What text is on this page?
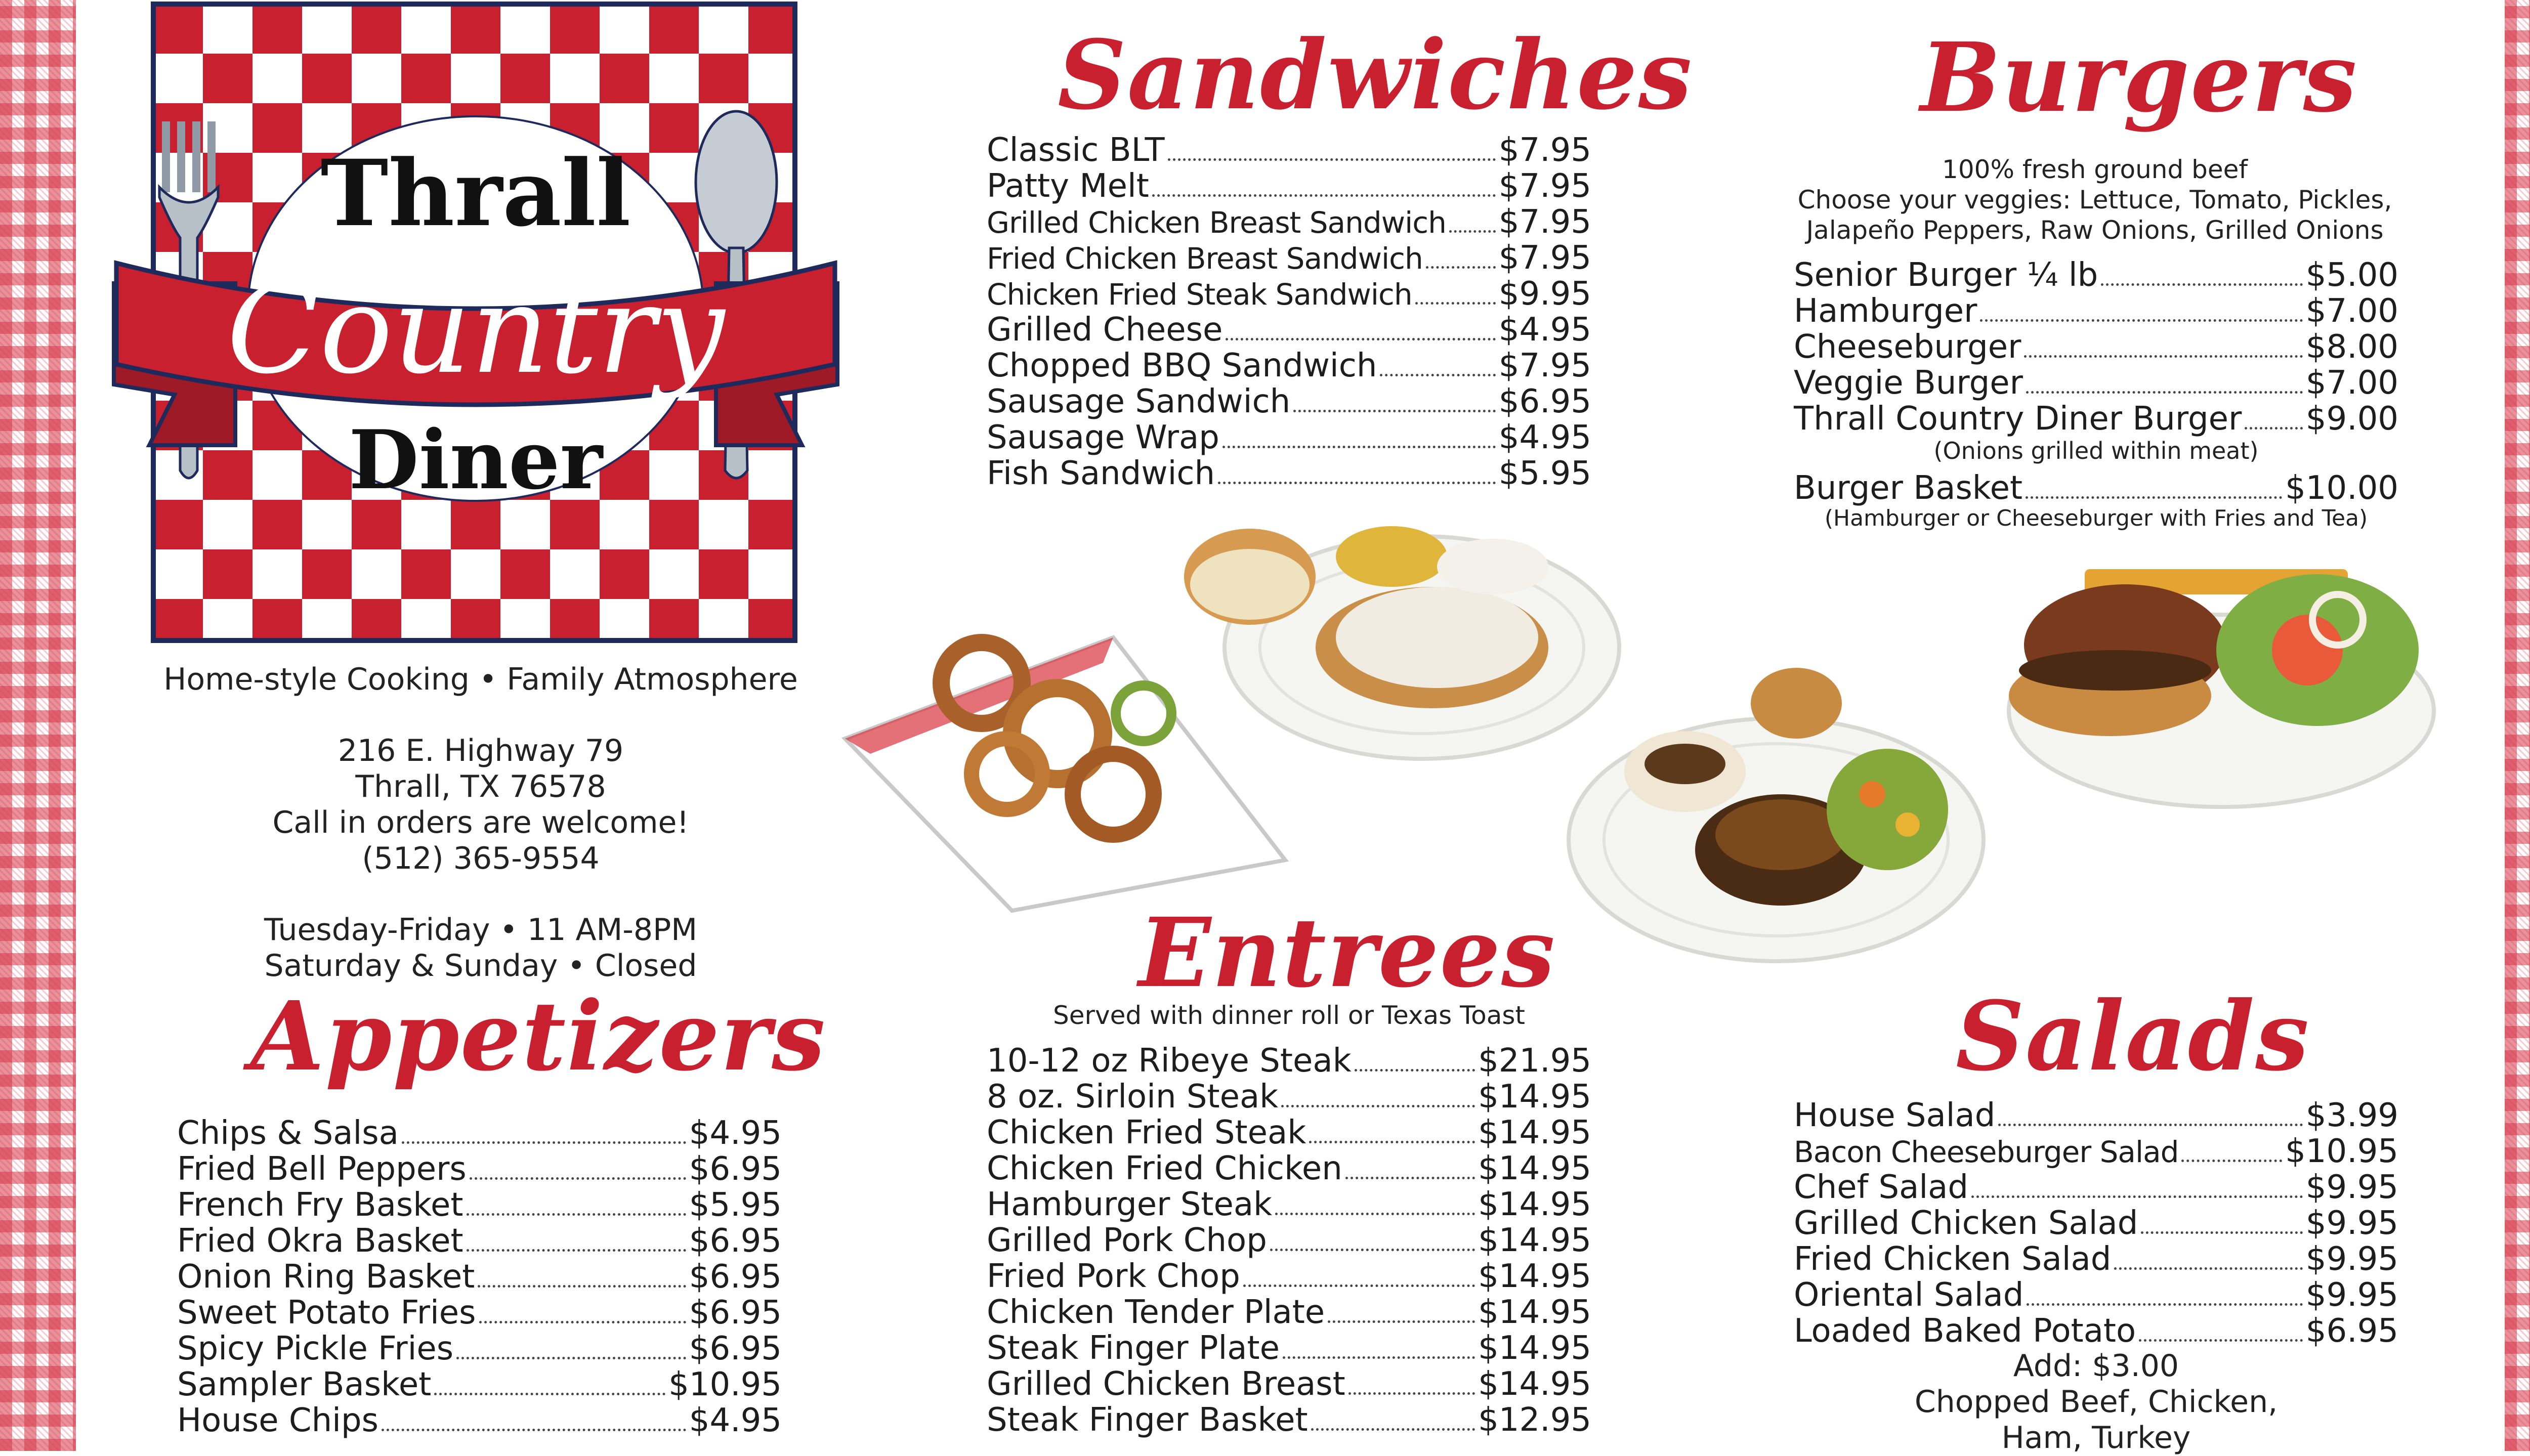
Thrall
Country
Diner
Home-style Cooking • Family Atmosphere
216 E. Highway 79
Thrall, TX 76578
Call in orders are welcome!
(512) 365-9554
Tuesday-Friday • 11 AM-8PM
Saturday & Sunday • Closed
Appetizers
Chips & Salsa	$4.95
Fried Bell Peppers	$6.95
French Fry Basket	$5.95
Fried Okra Basket	$6.95
Onion Ring Basket	$6.95
Sweet Potato Fries	$6.95
Spicy Pickle Fries	$6.95
Sampler Basket	$10.95
House Chips	$4.95
Sandwiches
Classic BLT	$7.95
Patty Melt	$7.95
Grilled Chicken Breast Sandwich $7.95
Fried Chicken Breast Sandwich $7.95
Chicken Fried Steak Sandwich	$9.95
Grilled Cheese	$4.95
Chopped BBQ Sandwich	$7.95
Sausage Sandwich	$6.95
Sausage Wrap	$4.95
Fish Sandwich	$5.95
Entrees
Served with dinner roll or Texas Toast
10-12 oz Ribeye Steak	$21.95
8 oz. Sirloin Steak	$14.95
Chicken Fried Steak	$14.95
Chicken Fried Chicken	$14.95
Hamburger Steak	$14.95
Grilled Pork Chop	$14.95
Fried Pork Chop	$14.95
Chicken Tender Plate	$14.95
Steak Finger Plate	$14.95
Grilled Chicken Breast	$14.95
Steak Finger Basket	$12.95
Burgers
100% fresh ground beef
Choose your veggies: Lettuce, Tomato, Pickles,
Jalapeño Peppers, Raw Onions, Grilled Onions
Senior Burger ¼ lb	$5.00
Hamburger	$7.00
Cheeseburger	$8.00
Veggie Burger	$7.00
Thrall Country Diner Burger $9.00
(Onions grilled within meat)
Burger Basket	$10.00
(Hamburger or Cheeseburger with Fries and Tea)
Salads
House Salad	$3.99
Bacon Cheeseburger Salad	$10.95
Chef Salad	$9.95
Grilled Chicken Salad	$9.95
Fried Chicken Salad	$9.95
Oriental Salad	$9.95
Loaded Baked Potato	$6.95
Add: $3.00
Chopped Beef, Chicken,
Ham, Turkey
